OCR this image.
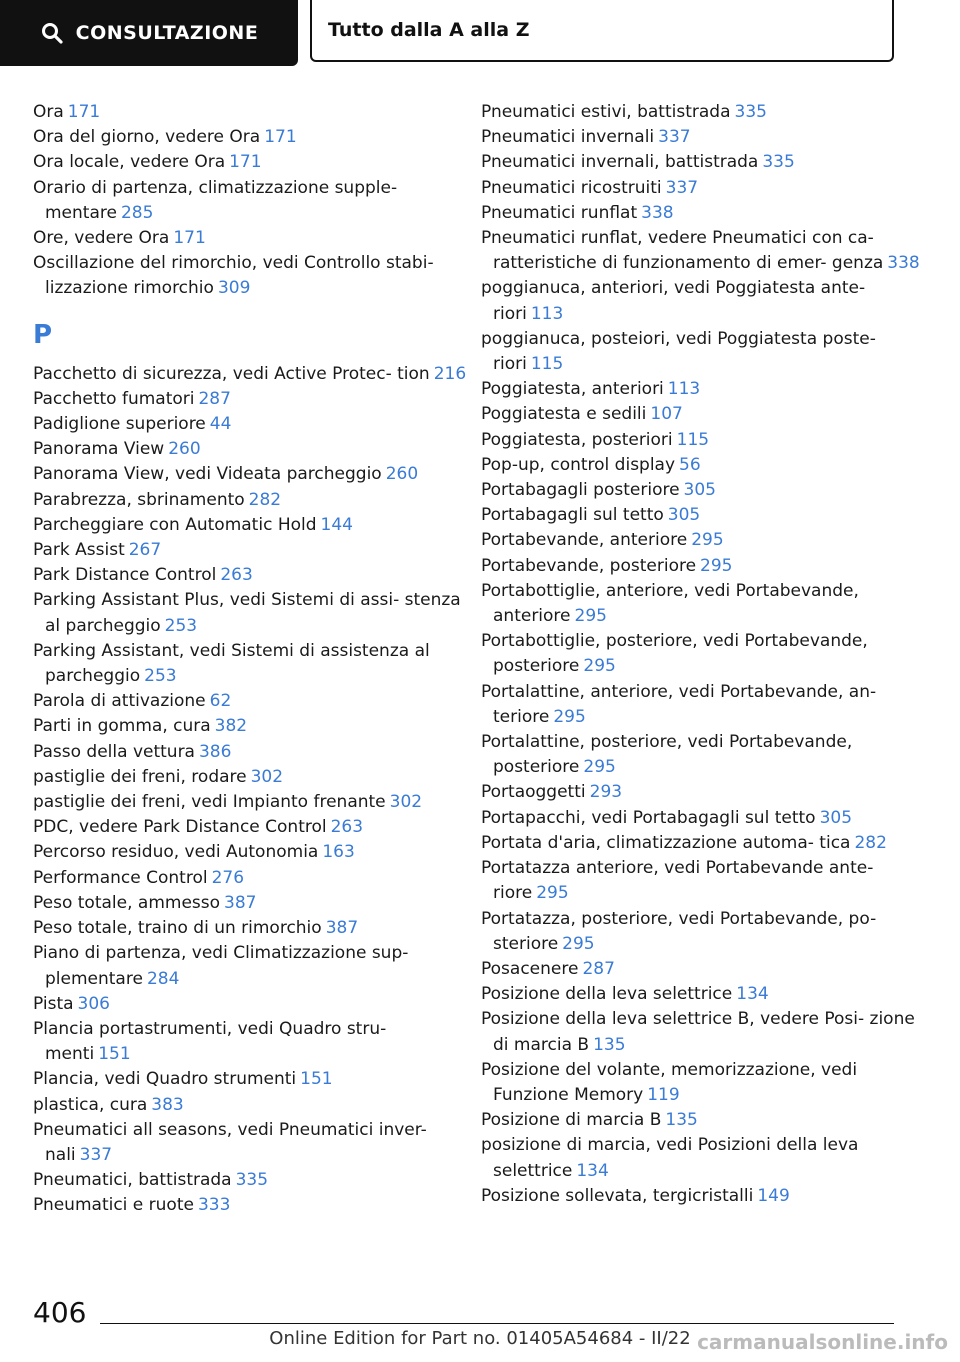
CONSULTAZIONE	Tutto dalla A alla Z
Ora 171
Ora del giorno, vedere Ora 171
Ora locale, vedere Ora 171
Orario di partenza, climatizzazione supple- mentare 285
Ore, vedere Ora 171
Oscillazione del rimorchio, vedi Controllo stabi- lizzazione rimorchio 309
P
Pacchetto di sicurezza, vedi Active Protec- tion 216
Pacchetto fumatori 287
Padiglione superiore 44
Panorama View 260
Panorama View, vedi Videata parcheggio 260
Parabrezza, sbrinamento 282
Parcheggiare con Automatic Hold 144
Park Assist 267
Park Distance Control 263
Parking Assistant Plus, vedi Sistemi di assi- stenza al parcheggio 253
Parking Assistant, vedi Sistemi di assistenza al parcheggio 253
Parola di attivazione 62
Parti in gomma, cura 382
Passo della vettura 386
pastiglie dei freni, rodare 302
pastiglie dei freni, vedi Impianto frenante 302
PDC, vedere Park Distance Control 263
Percorso residuo, vedi Autonomia 163
Performance Control 276
Peso totale, ammesso 387
Peso totale, traino di un rimorchio 387
Piano di partenza, vedi Climatizzazione sup- plementare 284
Pista 306
Plancia portastrumenti, vedi Quadro stru- menti 151
Plancia, vedi Quadro strumenti 151
plastica, cura 383
Pneumatici all seasons, vedi Pneumatici inver- nali 337
Pneumatici, battistrada 335
Pneumatici e ruote 333
Pneumatici estivi, battistrada 335
Pneumatici invernali 337
Pneumatici invernali, battistrada 335
Pneumatici ricostruiti 337
Pneumatici runflat 338
Pneumatici runflat, vedere Pneumatici con ca- ratteristiche di funzionamento di emer- genza 338
poggianuca, anteriori, vedi Poggiatesta ante- riori 113
poggianuca, posteiori, vedi Poggiatesta poste- riori 115
Poggiatesta, anteriori 113
Poggiatesta e sedili 107
Poggiatesta, posteriori 115
Pop-up, control display 56
Portabagagli posteriore 305
Portabagagli sul tetto 305
Portabevande, anteriore 295
Portabevande, posteriore 295
Portabottiglie, anteriore, vedi Portabevande, anteriore 295
Portabottiglie, posteriore, vedi Portabevande, posteriore 295
Portalattine, anteriore, vedi Portabevande, an- teriore 295
Portalattine, posteriore, vedi Portabevande, posteriore 295
Portaoggetti 293
Portapacchi, vedi Portabagagli sul tetto 305
Portata d'aria, climatizzazione automa- tica 282
Portatazza anteriore, vedi Portabevande ante- riore 295
Portatazza, posteriore, vedi Portabevande, po- steriore 295
Posacenere 287
Posizione della leva selettrice 134
Posizione della leva selettrice B, vedere Posi- zione di marcia B 135
Posizione del volante, memorizzazione, vedi Funzione Memory 119
Posizione di marcia B 135
posizione di marcia, vedi Posizioni della leva selettrice 134
Posizione sollevata, tergicristalli 149
406
Online Edition for Part no. 01405A54684 - II/22 carmanualsonline.info
